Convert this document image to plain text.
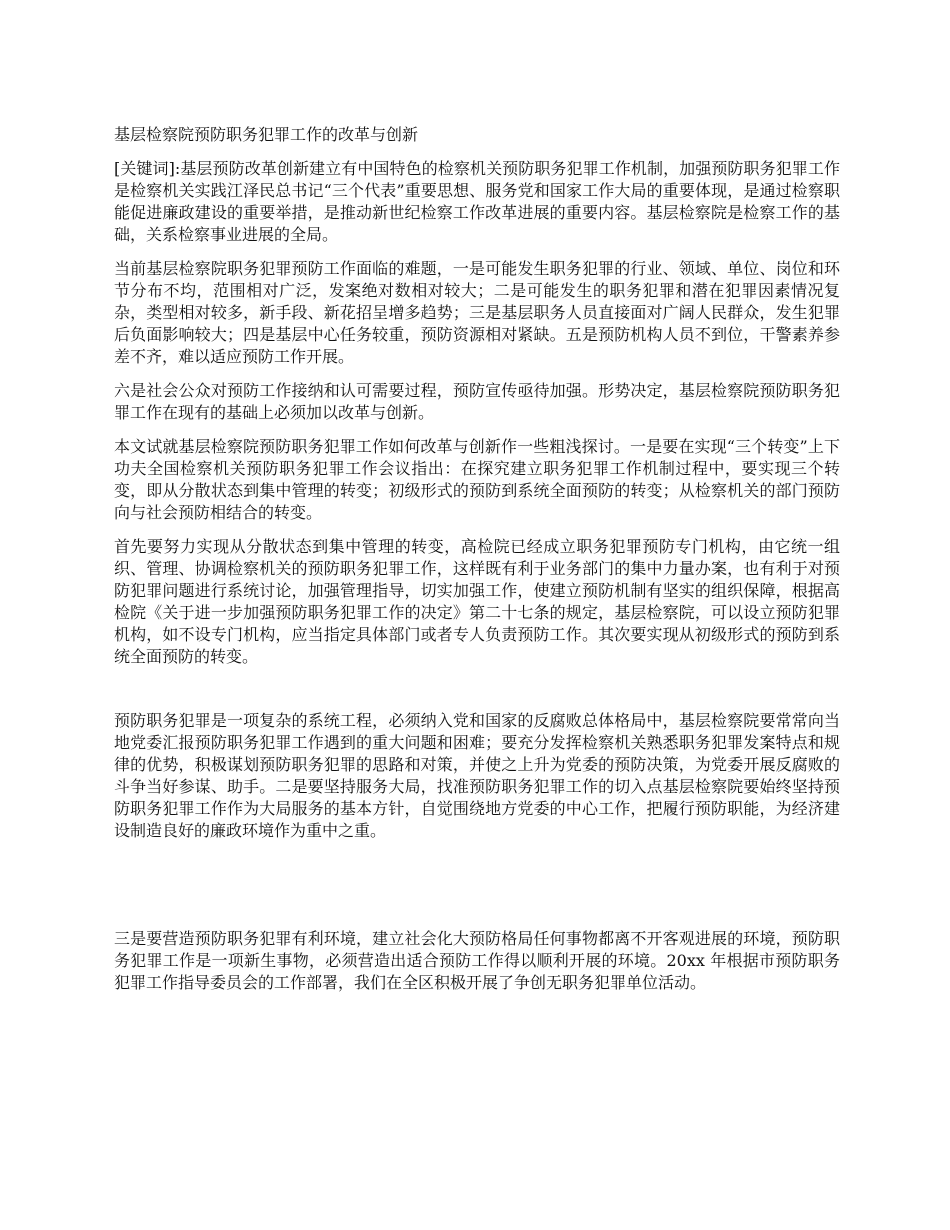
基层检察院预防职务犯罪工作的改革与创新

[关键词]:基层预防改革创新建立有中国特色的检察机关预防职务犯罪工作机制，加强预防职务犯罪工作是检察机关实践江泽民总书记“三个代表”重要思想、服务党和国家工作大局的重要体现，是通过检察职能促进廉政建设的重要举措，是推动新世纪检察工作改革进展的重要内容。基层检察院是检察工作的基础，关系检察事业进展的全局。

当前基层检察院职务犯罪预防工作面临的难题，一是可能发生职务犯罪的行业、领域、单位、岗位和环节分布不均，范围相对广泛，发案绝对数相对较大；二是可能发生的职务犯罪和潜在犯罪因素情况复杂，类型相对较多，新手段、新花招呈增多趋势；三是基层职务人员直接面对广阔人民群众，发生犯罪后负面影响较大；四是基层中心任务较重，预防资源相对紧缺。五是预防机构人员不到位，干警素养参差不齐，难以适应预防工作开展。

六是社会公众对预防工作接纳和认可需要过程，预防宣传亟待加强。形势决定，基层检察院预防职务犯罪工作在现有的基础上必须加以改革与创新。

本文试就基层检察院预防职务犯罪工作如何改革与创新作一些粗浅探讨。一是要在实现“三个转变”上下功夫全国检察机关预防职务犯罪工作会议指出：在探究建立职务犯罪工作机制过程中，要实现三个转变，即从分散状态到集中管理的转变；初级形式的预防到系统全面预防的转变；从检察机关的部门预防向与社会预防相结合的转变。

首先要努力实现从分散状态到集中管理的转变，高检院已经成立职务犯罪预防专门机构，由它统一组织、管理、协调检察机关的预防职务犯罪工作，这样既有利于业务部门的集中力量办案，也有利于对预防犯罪问题进行系统讨论，加强管理指导，切实加强工作，使建立预防机制有坚实的组织保障，根据高检院《关于进一步加强预防职务犯罪工作的决定》第二十七条的规定，基层检察院，可以设立预防犯罪机构，如不设专门机构，应当指定具体部门或者专人负责预防工作。其次要实现从初级形式的预防到系统全面预防的转变。

预防职务犯罪是一项复杂的系统工程，必须纳入党和国家的反腐败总体格局中，基层检察院要常常向当地党委汇报预防职务犯罪工作遇到的重大问题和困难；要充分发挥检察机关熟悉职务犯罪发案特点和规律的优势，积极谋划预防职务犯罪的思路和对策，并使之上升为党委的预防决策，为党委开展反腐败的斗争当好参谋、助手。二是要坚持服务大局，找准预防职务犯罪工作的切入点基层检察院要始终坚持预防职务犯罪工作作为大局服务的基本方针，自觉围绕地方党委的中心工作，把履行预防职能，为经济建设制造良好的廉政环境作为重中之重。

三是要营造预防职务犯罪有利环境，建立社会化大预防格局任何事物都离不开客观进展的环境，预防职务犯罪工作是一项新生事物，必须营造出适合预防工作得以顺利开展的环境。20xx 年根据市预防职务犯罪工作指导委员会的工作部署，我们在全区积极开展了争创无职务犯罪单位活动。
